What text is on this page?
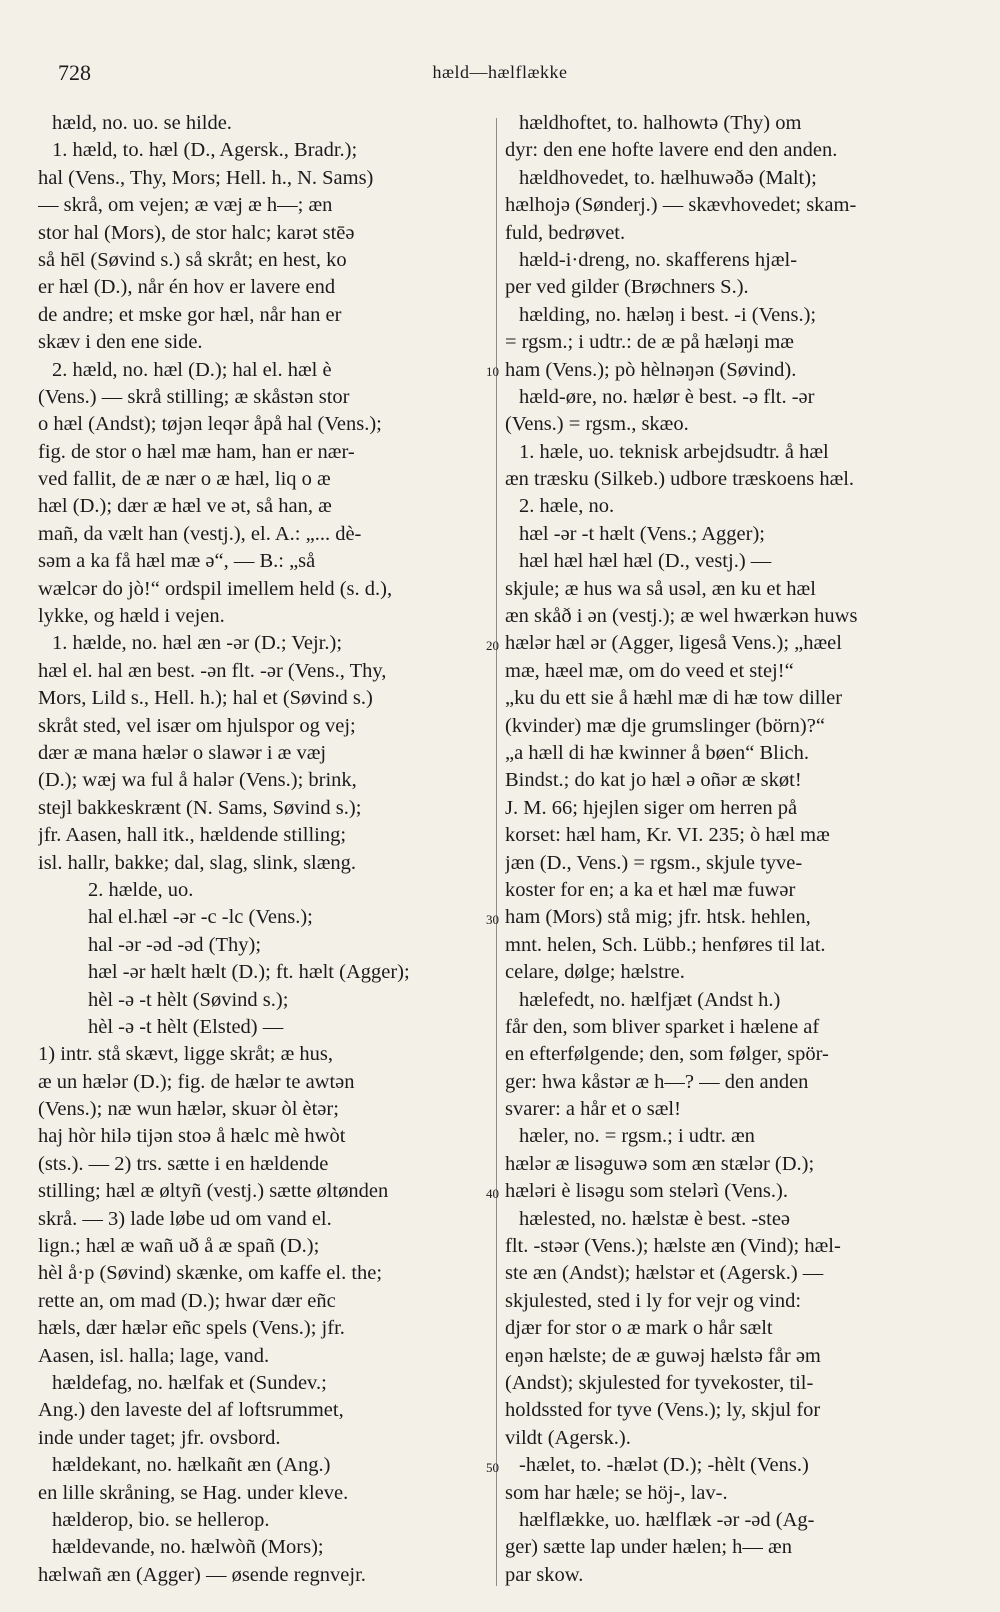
728	hæld—hælflække
hæld, no. uo. se hilde.
1. hæld, to. hæl (D., Agersk., Bradr.);
hal (Vens., Thy, Mors; Hell. h., N. Sams)
— skrå, om vejen; æ væj æ h—; æn
stor hal (Mors), de stor halc; karət stēə
så hēl (Søvind s.) så skråt; en hest, ko
er hæl (D.), når én hov er lavere end
de andre; et mske gor hæl, når han er
skæv i den ene side.
2. hæld, no. hæl (D.); hal el. hæl è
(Vens.) — skrå stilling; æ skåstən stor
o hæl (Andst); tøjən leqər åpå hal (Vens.);
fig. de stor o hæl mæ ham, han er nær-
ved fallit, de æ nær o æ hæl, liq o æ
hæl (D.); dær æ hæl ve ət, så han, æ
mañ, da vælt han (vestj.), el. A.: „... dè-
səm a ka få hæl mæ ə“, — B.: „så
wælcər do jò!“ ordspil imellem held (s. d.),
lykke, og hæld i vejen.
1. hælde, no. hæl æn -ər (D.; Vejr.);
hæl el. hal æn best. -ən flt. -ər (Vens., Thy,
Mors, Lild s., Hell. h.); hal et (Søvind s.)
skråt sted, vel især om hjulspor og vej;
dær æ mana hælər o slawər i æ væj
(D.); wæj wa ful å halər (Vens.); brink,
stejl bakkeskrænt (N. Sams, Søvind s.);
jfr. Aasen, hall itk., hældende stilling;
isl. hallr, bakke; dal, slag, slink, slæng.
2. hælde, uo.
hal el.hæl -ər -c -lc (Vens.);
hal -ər -əd -əd (Thy);
hæl -ər hælt hælt (D.); ft. hælt (Agger);
hèl -ə -t hèlt (Søvind s.);
hèl -ə -t hèlt (Elsted) —
1) intr. stå skævt, ligge skråt; æ hus,
æ un hælər (D.); fig. de hælər te awtən
(Vens.); næ wun hælər, skuər òl ètər;
haj hòr hilə tijən stoə å hælc mè hwòt
(sts.). — 2) trs. sætte i en hældende
stilling; hæl æ øltyñ (vestj.) sætte øltønden
skrå. — 3) lade løbe ud om vand el.
lign.; hæl æ wañ uð å æ spañ (D.);
hèl å·p (Søvind) skænke, om kaffe el. the;
rette an, om mad (D.); hwar dær eñc
hæls, dær hælər eñc spels (Vens.); jfr.
Aasen, isl. halla; lage, vand.
hældefag, no. hælfak et (Sundev.;
Ang.) den laveste del af loftsrummet,
inde under taget; jfr. ovsbord.
hældekant, no. hælkañt æn (Ang.)
en lille skråning, se Hag. under kleve.
hælderop, bio. se hellerop.
hældevande, no. hælwòñ (Mors);
hælwañ æn (Agger) — øsende regnvejr.
hældhoftet, to. halhowtə (Thy) om
dyr: den ene hofte lavere end den anden.
hældhovedet, to. hælhuwəðə (Malt);
hælhojə (Sønderj.) — skævhovedet; skam-
fuld, bedrøvet.
hæld-i·dreng, no. skafferens hjæl-
per ved gilder (Brøchners S.).
hælding, no. hæləŋ i best. -i (Vens.);
= rgsm.; i udtr.: de æ på hæləŋi mæ
ham (Vens.); pò hèlnəŋən (Søvind).
hæld-øre, no. hælør è best. -ə flt. -ər
(Vens.) = rgsm., skæo.
1. hæle, uo. teknisk arbejdsudtr. å hæl
æn træsku (Silkeb.) udbore træskoens hæl.
2. hæle, no.
hæl -ər -t hælt (Vens.; Agger);
hæl hæl hæl hæl (D., vestj.) —
skjule; æ hus wa så usəl, æn ku et hæl
æn skåð i ən (vestj.); æ wel hwærkən huws
hælər hæl ər (Agger, ligeså Vens.); „hæel
mæ, hæel mæ, om do veed et stej!“
„ku du ett sie å hæhl mæ di hæ tow diller
(kvinder) mæ dje grumslinger (börn)?“
„a hæll di hæ kwinner å bøen“ Blich.
Bindst.; do kat jo hæl ə oñər æ skøt!
J. M. 66; hjejlen siger om herren på
korset: hæl ham, Kr. VI. 235; ò hæl mæ
jæn (D., Vens.) = rgsm., skjule tyve-
koster for en; a ka et hæl mæ fuwər
ham (Mors) stå mig; jfr. htsk. hehlen,
mnt. helen, Sch. Lübb.; henføres til lat.
celare, dølge; hælstre.
hælefedt, no. hælfjæt (Andst h.)
får den, som bliver sparket i hælene af
en efterfølgende; den, som følger, spör-
ger: hwa kåstər æ h—? — den anden
svarer: a hår et o sæl!
hæler, no. = rgsm.; i udtr. æn
hælər æ lisəguwə som æn stælər (D.);
hæləri è lisəgu som stelərì (Vens.).
hælested, no. hælstæ è best. -steə
flt. -stəər (Vens.); hælste æn (Vind); hæl-
ste æn (Andst); hælstər et (Agersk.) —
skjulested, sted i ly for vejr og vind:
djær for stor o æ mark o hår sælt
eŋən hælste; de æ guwəj hælstə får əm
(Andst); skjulested for tyvekoster, til-
holdssted for tyve (Vens.); ly, skjul for
vildt (Agersk.).
-hælet, to. -hælət (D.); -hèlt (Vens.)
som har hæle; se höj-, lav-.
hælflække, uo. hælflæk -ər -əd (Ag-
ger) sætte lap under hælen; h— æn
par skow.
10
20
30
40
50
